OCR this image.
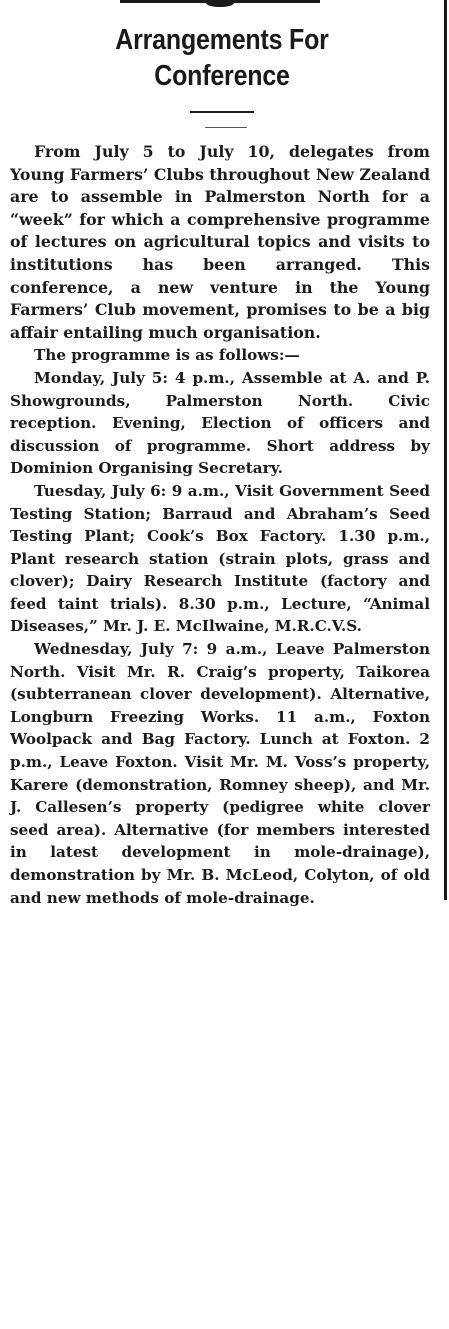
Arrangements For
Conference

From July 5 to July 10, delegates from Young Farmers’ Clubs throughout New Zealand are to assemble in Palmerston North for a “week” for which a comprehensive programme of lectures on agricultural topics and visits to institutions has been arranged. This conference, a new venture in the Young Farmers’ Club movement, promises to be a big affair entailing much organisation.

The programme is as follows:—

Monday, July 5: 4 p.m., Assemble at A. and P. Showgrounds, Palmerston North. Civic reception. Evening, Election of officers and discussion of programme. Short address by Dominion Organising Secretary.

Tuesday, July 6: 9 a.m., Visit Government Seed Testing Station; Barraud and Abraham’s Seed Testing Plant; Cook’s Box Factory. 1.30 p.m., Plant research station (strain plots, grass and clover); Dairy Research Institute (factory and feed taint trials). 8.30 p.m., Lecture, “Animal Diseases,” Mr. J. E. McIlwaine, M.R.C.V.S.

Wednesday, July 7: 9 a.m., Leave Palmerston North. Visit Mr. R. Craig’s property, Taikorea (subterranean clover development). Alternative, Longburn Freezing Works. 11 a.m., Foxton Woolpack and Bag Factory. Lunch at Foxton. 2 p.m., Leave Foxton. Visit Mr. M. Voss’s property, Karere (demonstration, Romney sheep), and Mr. J. Callesen’s property (pedigree white clover seed area). Alternative (for members interested in latest development in mole-drainage), demonstration by Mr. B. McLeod, Colyton, of old and new methods of mole-drainage.
